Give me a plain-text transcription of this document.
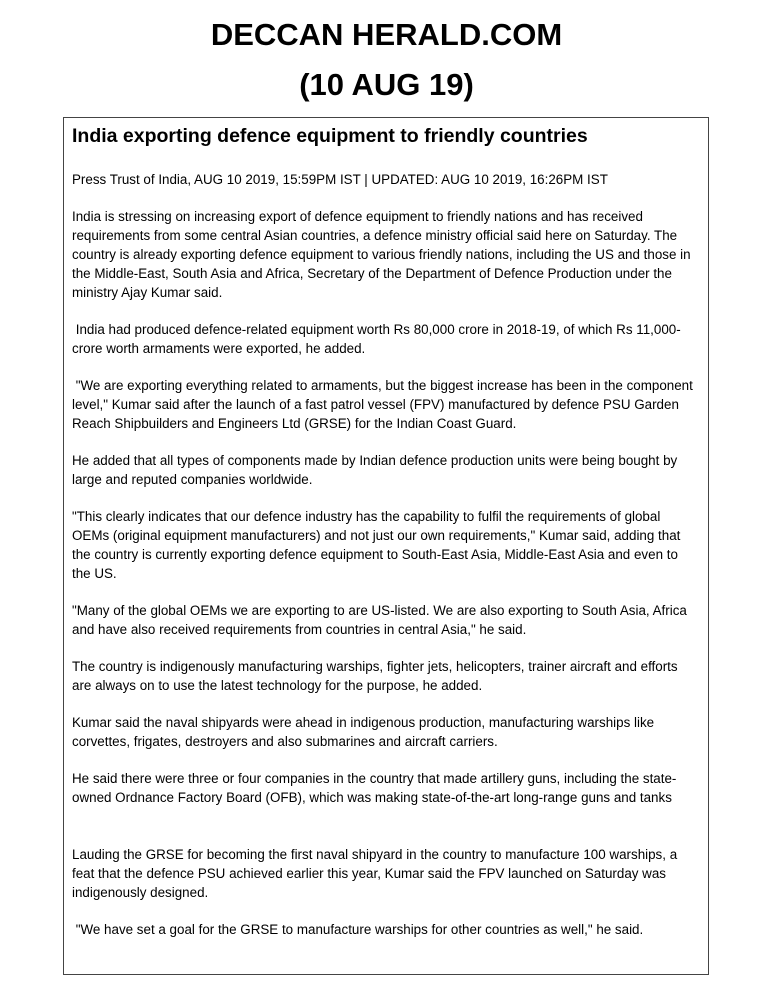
DECCAN HERALD.COM
(10 AUG 19)
India exporting defence equipment to friendly countries
Press Trust of India, AUG 10 2019, 15:59PM IST | UPDATED: AUG 10 2019, 16:26PM IST
India is stressing on increasing export of defence equipment to friendly nations and has received requirements from some central Asian countries, a defence ministry official said here on Saturday. The country is already exporting defence equipment to various friendly nations, including the US and those in the Middle-East, South Asia and Africa, Secretary of the Department of Defence Production under the ministry Ajay Kumar said.
India had produced defence-related equipment worth Rs 80,000 crore in 2018-19, of which Rs 11,000-crore worth armaments were exported, he added.
"We are exporting everything related to armaments, but the biggest increase has been in the component level," Kumar said after the launch of a fast patrol vessel (FPV) manufactured by defence PSU Garden Reach Shipbuilders and Engineers Ltd (GRSE) for the Indian Coast Guard.
He added that all types of components made by Indian defence production units were being bought by large and reputed companies worldwide.
"This clearly indicates that our defence industry has the capability to fulfil the requirements of global OEMs (original equipment manufacturers) and not just our own requirements," Kumar said, adding that the country is currently exporting defence equipment to South-East Asia, Middle-East Asia and even to the US.
"Many of the global OEMs we are exporting to are US-listed. We are also exporting to South Asia, Africa and have also received requirements from countries in central Asia," he said.
The country is indigenously manufacturing warships, fighter jets, helicopters, trainer aircraft and efforts are always on to use the latest technology for the purpose, he added.
Kumar said the naval shipyards were ahead in indigenous production, manufacturing warships like corvettes, frigates, destroyers and also submarines and aircraft carriers.
He said there were three or four companies in the country that made artillery guns, including the state-owned Ordnance Factory Board (OFB), which was making state-of-the-art long-range guns and tanks
Lauding the GRSE for becoming the first naval shipyard in the country to manufacture 100 warships, a feat that the defence PSU achieved earlier this year, Kumar said the FPV launched on Saturday was indigenously designed.
"We have set a goal for the GRSE to manufacture warships for other countries as well," he said.
